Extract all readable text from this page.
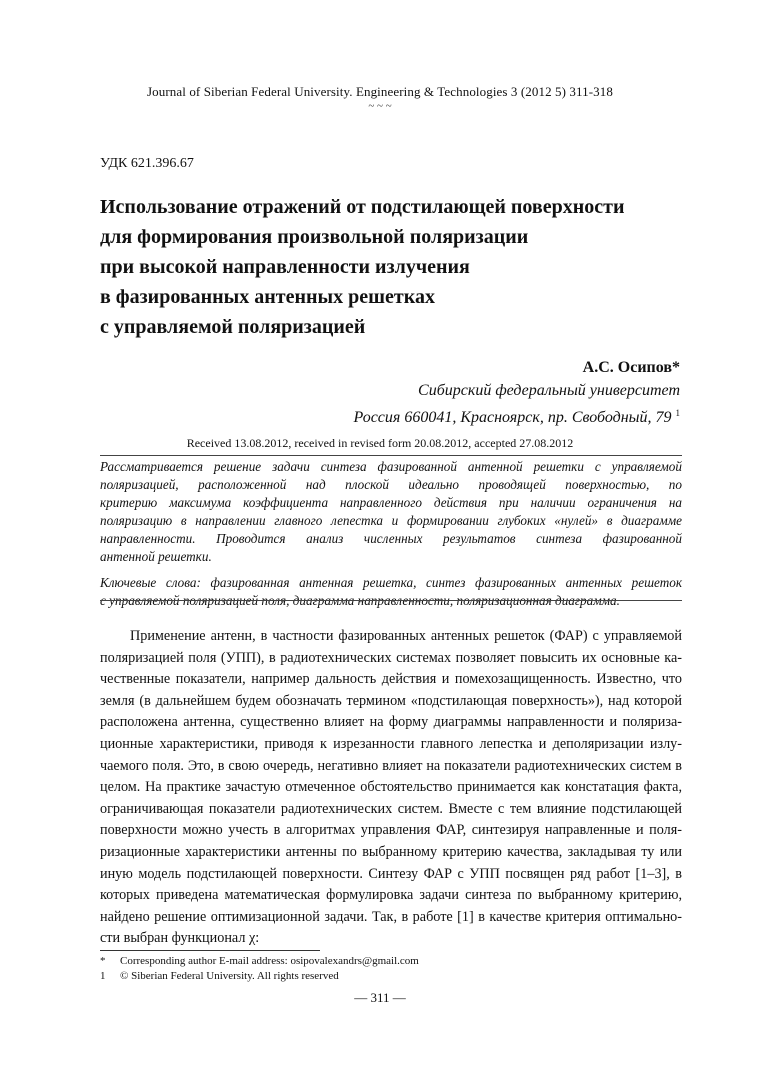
Journal of Siberian Federal University. Engineering & Technologies 3 (2012 5) 311-318
~ ~ ~
УДК 621.396.67
Использование отражений от подстилающей поверхности
для формирования произвольной поляризации
при высокой направленности излучения
в фазированных антенных решетках
с управляемой поляризацией
А.С. Осипов*
Сибирский федеральный университет
Россия 660041, Красноярск, пр. Свободный, 79 $^1$
Received 13.08.2012, received in revised form 20.08.2012, accepted 27.08.2012
Рассматривается решение задачи синтеза фазированной антенной решетки с управляемой
поляризацией, расположенной над плоской идеально проводящей поверхностью, по
критерию максимума коэффициента направленного действия при наличии ограничения на
поляризацию в направлении главного лепестка и формировании глубоких «нулей» в диаграмме
направленности. Проводится анализ численных результатов синтеза фазированной
антенной решетки.
Ключевые слова: фазированная антенная решетка, синтез фазированных антенных решеток
с управляемой поляризацией поля, диаграмма направленности, поляризационная диаграмма.
Применение антенн, в частности фазированных антенных решеток (ФАР) с управляемой
поляризацией поля (УПП), в радиотехнических системах позволяет повысить их основные ка-
чественные показатели, например дальность действия и помехозащищенность. Известно, что
земля (в дальнейшем будем обозначать термином «подстилающая поверхность»), над которой
расположена антенна, существенно влияет на форму диаграммы направленности и поляриза-
ционные характеристики, приводя к изрезанности главного лепестка и деполяризации излу-
чаемого поля. Это, в свою очередь, негативно влияет на показатели радиотехнических систем в
целом. На практике зачастую отмеченное обстоятельство принимается как констатация факта,
ограничивающая показатели радиотехнических систем. Вместе с тем влияние подстилающей
поверхности можно учесть в алгоритмах управления ФАР, синтезируя направленные и поля-
ризационные характеристики антенны по выбранному критерию качества, закладывая ту или
иную модель подстилающей поверхности. Синтезу ФАР с УПП посвящен ряд работ [1–3], в
которых приведена математическая формулировка задачи синтеза по выбранному критерию,
найдено решение оптимизационной задачи. Так, в работе [1] в качестве критерия оптимально-
сти выбран функционал χ:
*	Corresponding author E-mail address: osipovalexandrs@gmail.com
1	© Siberian Federal University. All rights reserved
— 311 —
